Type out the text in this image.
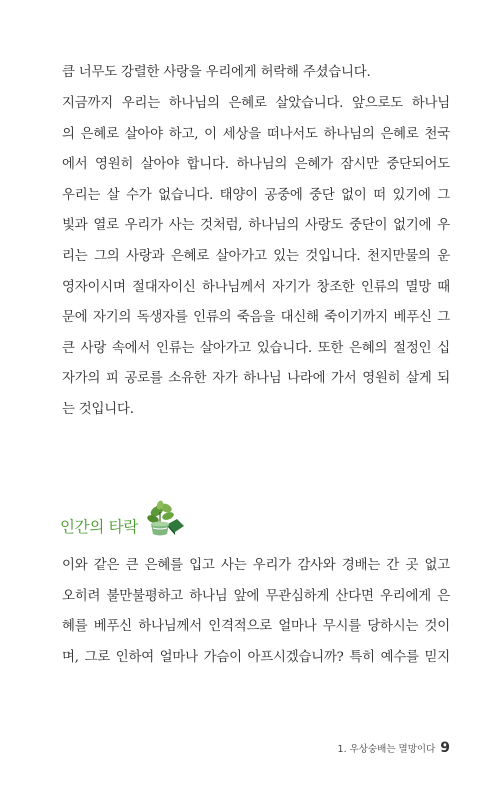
큼 너무도 강렬한 사랑을 우리에게 허락해 주셨습니다.
지금까지 우리는 하나님의 은혜로 살았습니다. 앞으로도 하나님
의 은혜로 살아야 하고, 이 세상을 떠나서도 하나님의 은혜로 천국
에서 영원히 살아야 합니다. 하나님의 은혜가 잠시만 중단되어도
우리는 살 수가 없습니다. 태양이 공중에 중단 없이 떠 있기에 그
빛과 열로 우리가 사는 것처럼, 하나님의 사랑도 중단이 없기에 우
리는 그의 사랑과 은혜로 살아가고 있는 것입니다. 천지만물의 운
영자이시며 절대자이신 하나님께서 자기가 창조한 인류의 멸망 때
문에 자기의 독생자를 인류의 죽음을 대신해 죽이기까지 베푸신 그
큰 사랑 속에서 인류는 살아가고 있습니다. 또한 은혜의 절정인 십
자가의 피 공로를 소유한 자가 하나님 나라에 가서 영원히 살게 되
는 것입니다.
인간의 타락
이와 같은 큰 은혜를 입고 사는 우리가 감사와 경배는 간 곳 없고
오히려 불만불평하고 하나님 앞에 무관심하게 산다면 우리에게 은
혜를 베푸신 하나님께서 인격적으로 얼마나 무시를 당하시는 것이
며, 그로 인하여 얼마나 가슴이 아프시겠습니까? 특히 예수를 믿지
1. 우상숭배는 멸망이다 9
